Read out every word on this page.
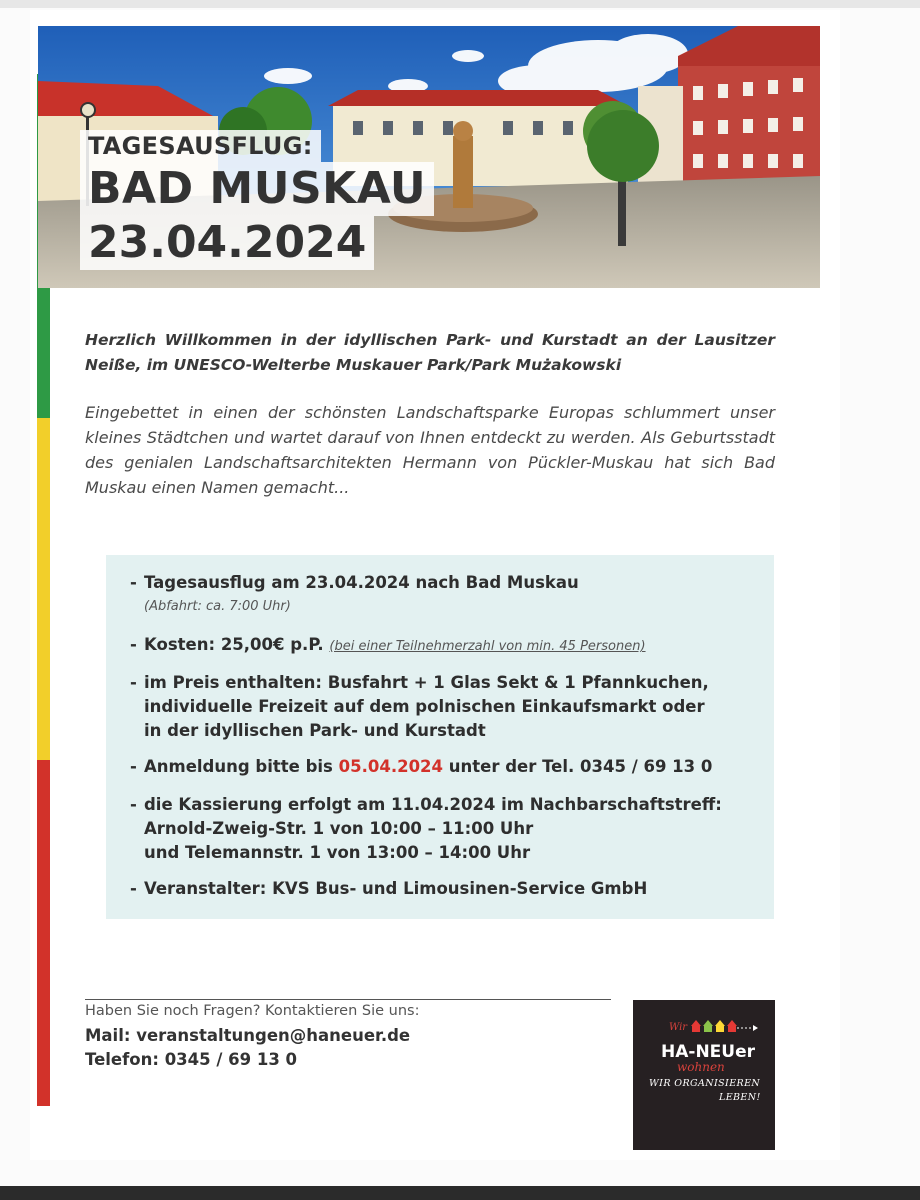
TAGESAUSFLUG:
BAD MUSKAU
23.04.2024

Herzlich Willkommen in der idyllischen Park- und Kurstadt an der Lausitzer Neiße, im UNESCO-Welterbe Muskauer Park/Park Mużakowski

Eingebettet in einen der schönsten Landschaftsparke Europas schlummert unser kleines Städtchen und wartet darauf von Ihnen entdeckt zu werden. Als Geburtsstadt des genialen Landschaftsarchitekten Hermann von Pückler-Muskau hat sich Bad Muskau einen Namen gemacht...

- Tagesausflug am 23.04.2024 nach Bad Muskau
(Abfahrt: ca. 7:00 Uhr)
- Kosten: 25,00€ p.P. (bei einer Teilnehmerzahl von min. 45 Personen)
- im Preis enthalten: Busfahrt + 1 Glas Sekt & 1 Pfannkuchen,
individuelle Freizeit auf dem polnischen Einkaufsmarkt oder
in der idyllischen Park- und Kurstadt
- Anmeldung bitte bis 05.04.2024 unter der Tel. 0345 / 69 13 0
- die Kassierung erfolgt am 11.04.2024 im Nachbarschaftstreff:
Arnold-Zweig-Str. 1 von 10:00 – 11:00 Uhr
und Telemannstr. 1 von 13:00 – 14:00 Uhr
- Veranstalter: KVS Bus- und Limousinen-Service GmbH
Haben Sie noch Fragen? Kontaktieren Sie uns:
Mail: veranstaltungen@haneuer.de
Telefon: 0345 / 69 13 0
Wir
HA-NEUer
wohnen
WIR ORGANISIEREN
LEBEN!
